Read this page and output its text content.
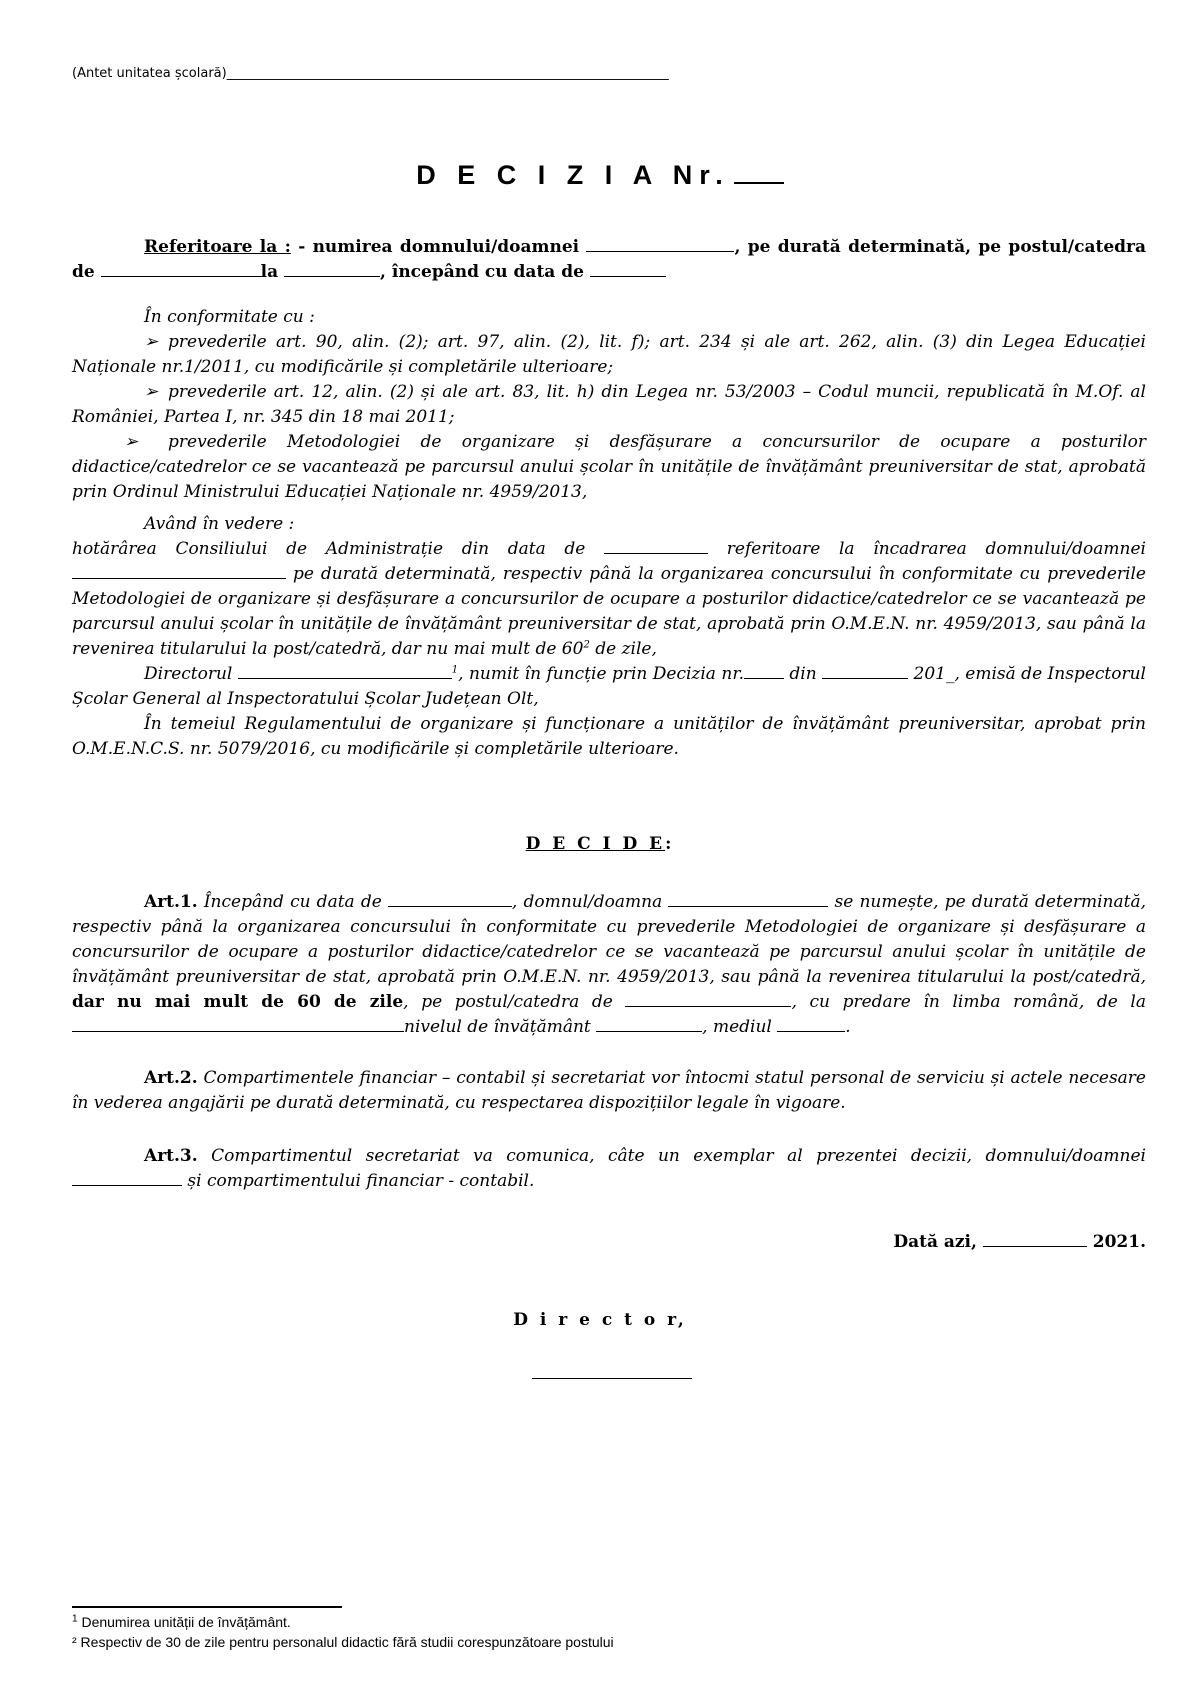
(Antet unitatea școlară)____________________________________________________________________
D E C I Z I A Nr.
Referitoare la : - numirea domnului/doamnei	, pe durată determinată, pe postul/catedra de	la	, începând cu data de
În conformitate cu :
➢ prevederile art. 90, alin. (2); art. 97, alin. (2), lit. f); art. 234 și ale art. 262, alin. (3) din Legea Educației Naționale nr.1/2011, cu modificările și completările ulterioare;
➢ prevederile art. 12, alin. (2) și ale art. 83, lit. h) din Legea nr. 53/2003 – Codul muncii, republicată în M.Of. al României, Partea I, nr. 345 din 18 mai 2011;
➢ prevederile Metodologiei de organizare și desfășurare a concursurilor de ocupare a posturilor didactice/catedrelor ce se vacantează pe parcursul anului școlar în unitățile de învățământ preuniversitar de stat, aprobată prin Ordinul Ministrului Educației Naționale nr. 4959/2013,
Având în vedere :
hotărârea Consiliului de Administrație din data de	referitoare la încadrarea domnului/doamnei  pe durată determinată, respectiv până la organizarea concursului în conformitate cu prevederile Metodologiei de organizare și desfășurare a concursurilor de ocupare a posturilor didactice/catedrelor ce se vacantează pe parcursul anului școlar în unitățile de învățământ preuniversitar de stat, aprobată prin O.M.E.N. nr. 4959/2013, sau până la revenirea titularului la post/catedră, dar nu mai mult de $60^2$ de zile,
Directorul	$^1$, numit în funcție prin Decizia nr. din	201_, emisă de Inspectorul Școlar General al Inspectoratului Școlar Județean Olt,
În temeiul Regulamentului de organizare și funcționare a unităților de învățământ preuniversitar, aprobat prin O.M.E.N.C.S. nr. 5079/2016, cu modificările și completările ulterioare.
D E C I D E:
Art.1. Începând cu data de	, domnul/doamna	se numește, pe durată determinată, respectiv până la organizarea concursului în conformitate cu prevederile Metodologiei de organizare și desfășurare a concursurilor de ocupare a posturilor didactice/catedrelor ce se vacantează pe parcursul anului școlar în unitățile de învățământ preuniversitar de stat, aprobată prin O.M.E.N. nr. 4959/2013, sau până la revenirea titularului la post/catedră, dar nu mai mult de 60 de zile, pe postul/catedra de	, cu predare în limba română, de la nivelul de învățământ	, mediul	.
Art.2. Compartimentele financiar – contabil și secretariat vor întocmi statul personal de serviciu și actele necesare în vederea angajării pe durată determinată, cu respectarea dispozițiilor legale în vigoare.
Art.3. Compartimentul secretariat va comunica, câte un exemplar al prezentei decizii, domnului/doamnei  și compartimentului financiar - contabil.
Dată azi,	2021.
D i r e c t o r,
$^1$ Denumirea unității de învățământ.
² Respectiv de 30 de zile pentru personalul didactic fără studii corespunzătoare postului
